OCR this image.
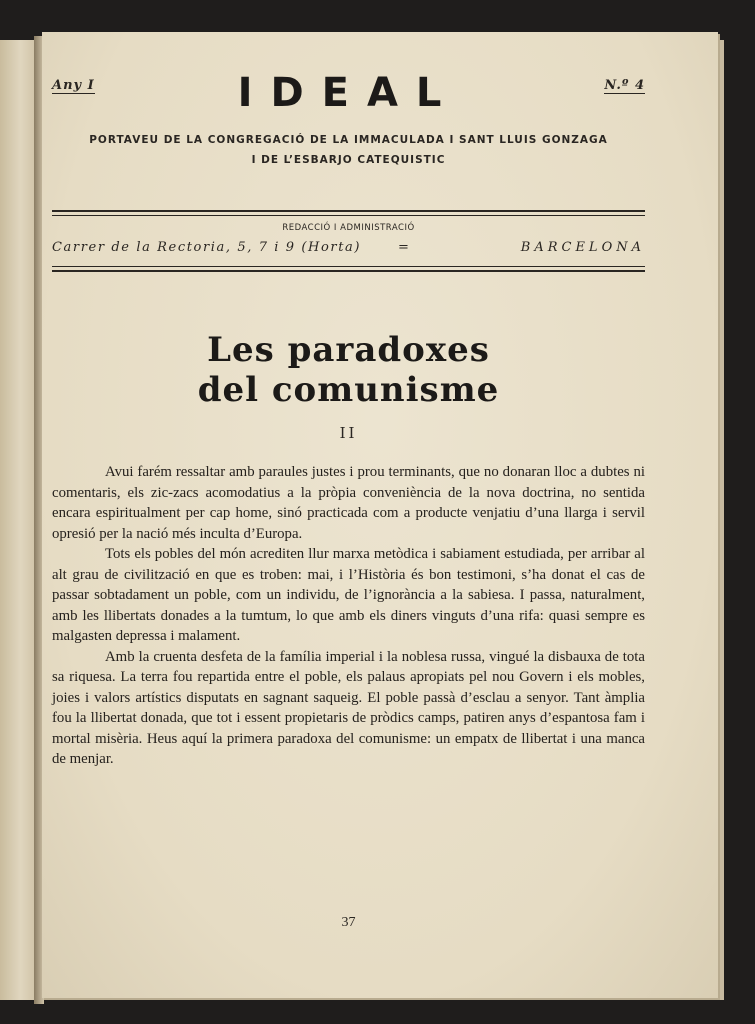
Any I	IDEAL	N.º 4
PORTAVEU DE LA CONGREGACIÓ DE LA IMMACULADA I SANT LLUIS GONZAGA
I DE L’ESBARJO CATEQUISTIC
REDACCIÓ I ADMINISTRACIÓ
Carrer de la Rectoria, 5, 7 i 9 (Horta)	=	BARCELONA
Les paradoxes
del comunisme
II

Avui farém ressaltar amb paraules justes i prou terminants, que no donaran lloc a dubtes ni comentaris, els zic-zacs acomodatius a la pròpia conveniència de la nova doctrina, no sentida encara espiritualment per cap home, sinó practicada com a producte venjatiu d’una llarga i servil opresió per la nació més inculta d’Europa.

Tots els pobles del món acrediten llur marxa metòdica i sabiament estudiada, per arribar al alt grau de civilització en que es troben: mai, i l’Història és bon testimoni, s’ha donat el cas de passar sobtadament un poble, com un individu, de l’ignorància a la sabiesa. I passa, naturalment, amb les llibertats donades a la tumtum, lo que amb els diners vinguts d’una rifa: quasi sempre es malgasten depressa i malament.

Amb la cruenta desfeta de la família imperial i la noblesa russa, vingué la disbauxa de tota sa riquesa. La terra fou repartida entre el poble, els palaus apropiats pel nou Govern i els mobles, joies i valors artístics disputats en sagnant saqueig. El poble passà d’esclau a senyor. Tant àmplia fou la llibertat donada, que tot i essent propietaris de pròdics camps, patiren anys d’espantosa fam i mortal misèria. Heus aquí la primera paradoxa del comunisme: un empatx de llibertat i una manca de menjar.

37
